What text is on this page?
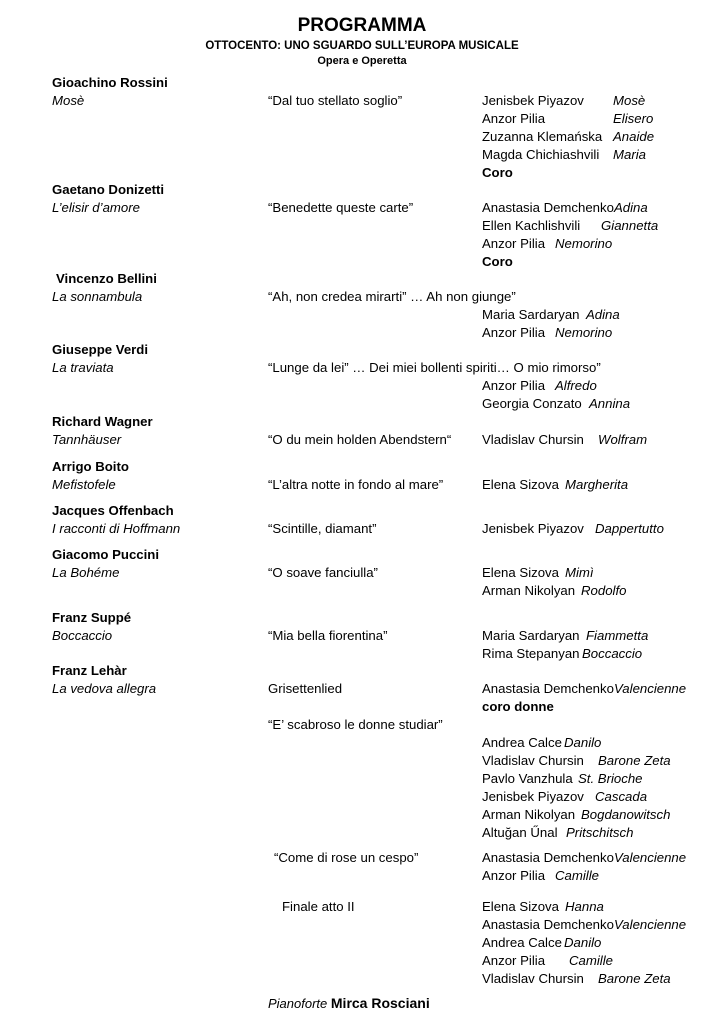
PROGRAMMA
OTTOCENTO: UNO SGUARDO SULL’EUROPA MUSICALE
Opera e Operetta
Gioachino Rossini
Mosè	“Dal tuo stellato soglio”	Jenisbek Piyazov Mosè
Anzor Pilia	Elisero
Zuzanna Klemańska Anaide
Magda Chichiashvili Maria
Coro
Gaetano Donizetti
L’elisir d’amore	“Benedette queste carte”	Anastasia Demchenko Adina
Ellen Kachlishvili Giannetta
Anzor Pilia Nemorino
Coro
Vincenzo Bellini
La sonnambula	“Ah, non credea mirarti” … Ah non giunge”
Maria Sardaryan Adina
Anzor Pilia Nemorino
Giuseppe Verdi
La traviata	“Lunge da lei” … Dei miei bollenti spiriti… O mio rimorso”
Anzor Pilia Alfredo
Georgia Conzato Annina
Richard Wagner
Tannhäuser	“O du mein holden Abendstern“ Vladislav Chursin Wolfram
Arrigo Boito
Mefistofele	“L’altra notte in fondo al mare”	Elena Sizova Margherita
Jacques Offenbach
I racconti di Hoffmann	“Scintille, diamant”	Jenisbek Piyazov Dappertutto
Giacomo Puccini
La Bohéme	“O soave fanciulla”	Elena Sizova Mimì
Arman Nikolyan Rodolfo
Franz Suppé
Boccaccio	“Mia bella fiorentina”	Maria Sardaryan Fiammetta
Rima Stepanyan Boccaccio
Franz Lehàr
La vedova allegra	Grisettenlied	Anastasia Demchenko Valencienne
coro donne
“E’ scabroso le donne studiar”
Andrea Calce Danilo
Vladislav Chursin Barone Zeta
Pavlo Vanzhula St. Brioche
Jenisbek Piyazov Cascada
Arman Nikolyan Bogdanowitsch
Altuğan Űnal Pritschitsch
“Come di rose un cespo”	Anastasia Demchenko Valencienne
Anzor Pilia Camille
Finale atto II	Elena Sizova Hanna
Anastasia Demchenko Valencienne
Andrea Calce Danilo
Anzor Pilia Camille
Vladislav Chursin Barone Zeta
Pianoforte Mirca Rosciani
